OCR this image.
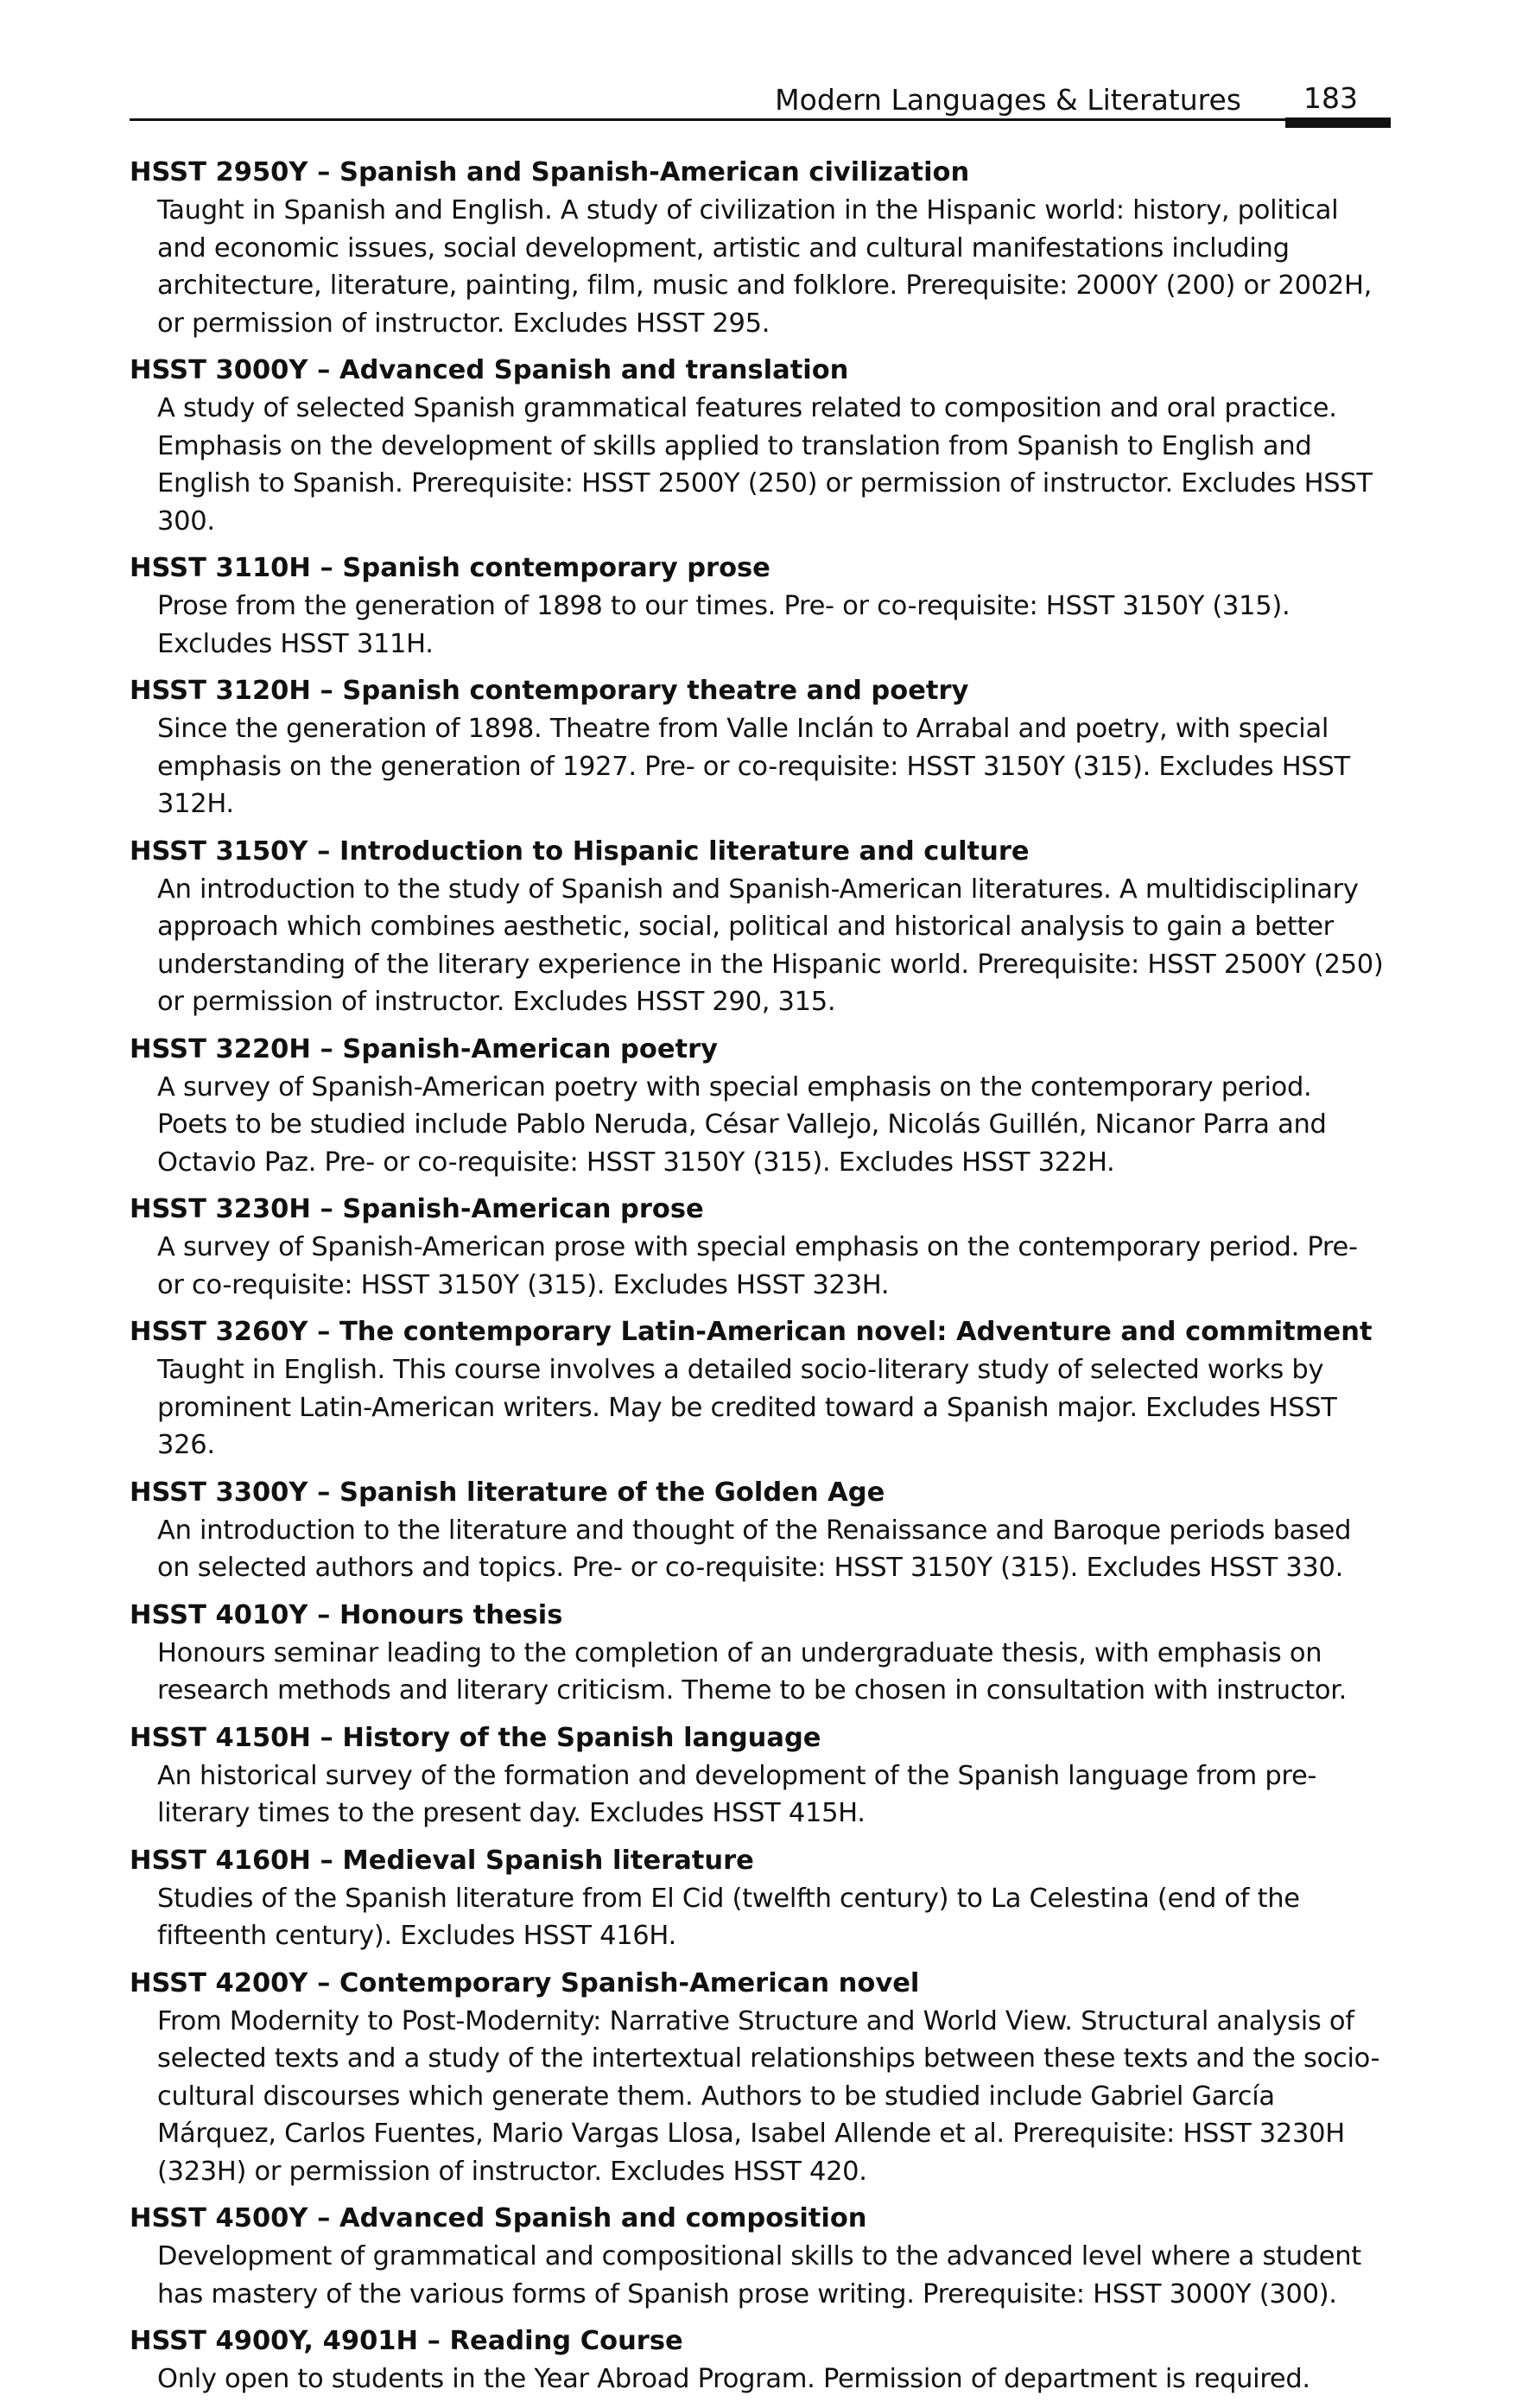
Modern Languages & Literatures 183
HSST 2950Y – Spanish and Spanish-American civilization
Taught in Spanish and English. A study of civilization in the Hispanic world: history, political and economic issues, social development, artistic and cultural manifestations including architecture, literature, painting, film, music and folklore. Prerequisite: 2000Y (200) or 2002H, or permission of instructor. Excludes HSST 295.
HSST 3000Y – Advanced Spanish and translation
A study of selected Spanish grammatical features related to composition and oral practice. Emphasis on the development of skills applied to translation from Spanish to English and English to Spanish. Prerequisite: HSST 2500Y (250) or permission of instructor. Excludes HSST 300.
HSST 3110H – Spanish contemporary prose
Prose from the generation of 1898 to our times. Pre- or co-requisite: HSST 3150Y (315). Excludes HSST 311H.
HSST 3120H – Spanish contemporary theatre and poetry
Since the generation of 1898. Theatre from Valle Inclán to Arrabal and poetry, with special emphasis on the generation of 1927. Pre- or co-requisite: HSST 3150Y (315). Excludes HSST 312H.
HSST 3150Y – Introduction to Hispanic literature and culture
An introduction to the study of Spanish and Spanish-American literatures. A multidisciplinary approach which combines aesthetic, social, political and historical analysis to gain a better understanding of the literary experience in the Hispanic world. Prerequisite: HSST 2500Y (250) or permission of instructor. Excludes HSST 290, 315.
HSST 3220H – Spanish-American poetry
A survey of Spanish-American poetry with special emphasis on the contemporary period. Poets to be studied include Pablo Neruda, César Vallejo, Nicolás Guillén, Nicanor Parra and Octavio Paz. Pre- or co-requisite: HSST 3150Y (315). Excludes HSST 322H.
HSST 3230H – Spanish-American prose
A survey of Spanish-American prose with special emphasis on the contemporary period. Pre- or co-requisite: HSST 3150Y (315). Excludes HSST 323H.
HSST 3260Y – The contemporary Latin-American novel: Adventure and commitment
Taught in English. This course involves a detailed socio-literary study of selected works by prominent Latin-American writers. May be credited toward a Spanish major. Excludes HSST 326.
HSST 3300Y – Spanish literature of the Golden Age
An introduction to the literature and thought of the Renaissance and Baroque periods based on selected authors and topics. Pre- or co-requisite: HSST 3150Y (315). Excludes HSST 330.
HSST 4010Y – Honours thesis
Honours seminar leading to the completion of an undergraduate thesis, with emphasis on research methods and literary criticism. Theme to be chosen in consultation with instructor.
HSST 4150H – History of the Spanish language
An historical survey of the formation and development of the Spanish language from pre-literary times to the present day. Excludes HSST 415H.
HSST 4160H – Medieval Spanish literature
Studies of the Spanish literature from El Cid (twelfth century) to La Celestina (end of the fifteenth century). Excludes HSST 416H.
HSST 4200Y – Contemporary Spanish-American novel
From Modernity to Post-Modernity: Narrative Structure and World View. Structural analysis of selected texts and a study of the intertextual relationships between these texts and the socio-cultural discourses which generate them. Authors to be studied include Gabriel García Márquez, Carlos Fuentes, Mario Vargas Llosa, Isabel Allende et al. Prerequisite: HSST 3230H (323H) or permission of instructor. Excludes HSST 420.
HSST 4500Y – Advanced Spanish and composition
Development of grammatical and compositional skills to the advanced level where a student has mastery of the various forms of Spanish prose writing. Prerequisite: HSST 3000Y (300).
HSST 4900Y, 4901H – Reading Course
Only open to students in the Year Abroad Program. Permission of department is required.
